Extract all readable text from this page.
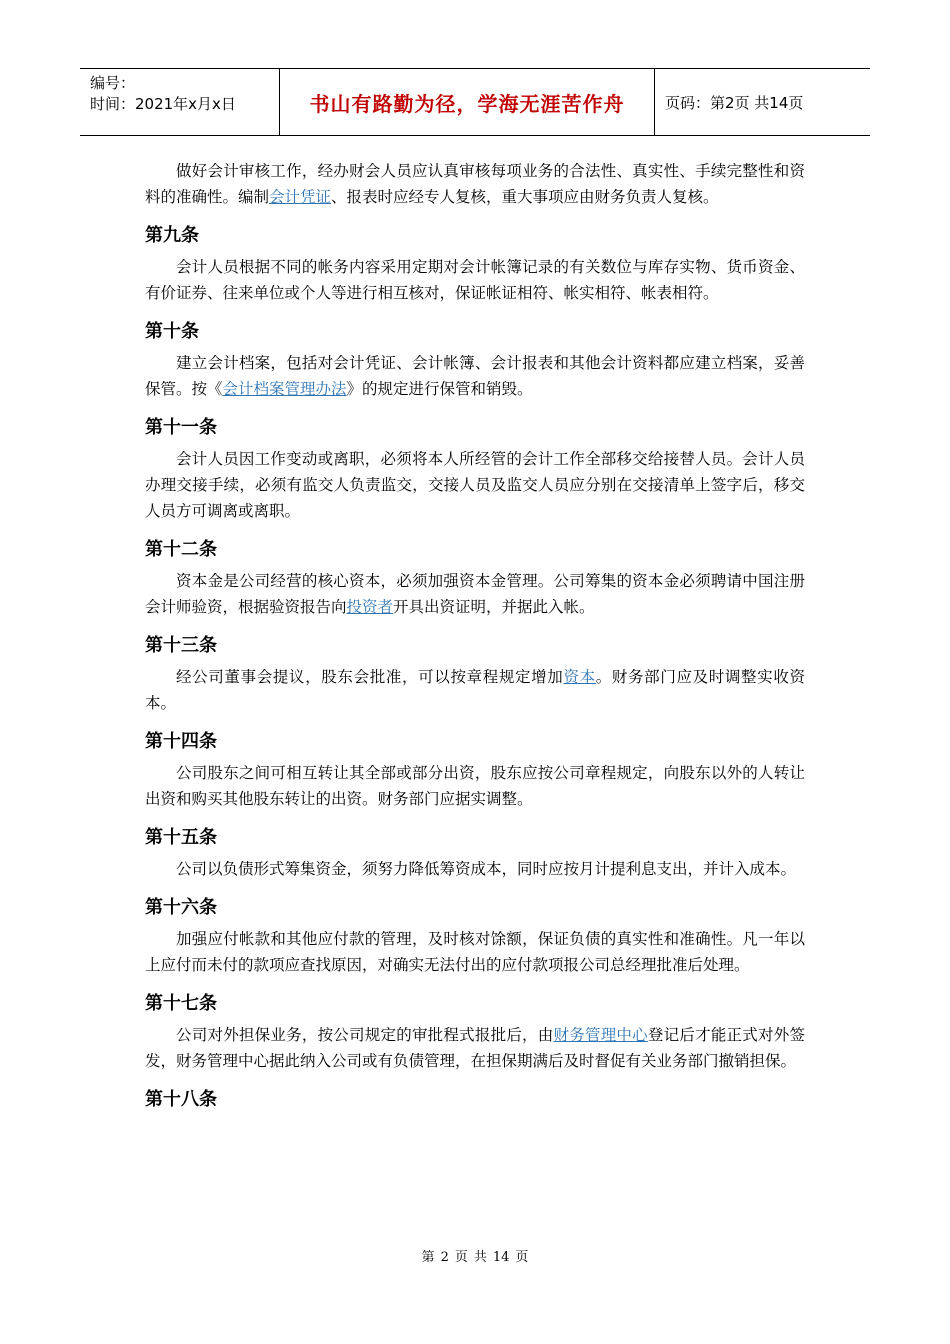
编号：
时间：2021年x月x日	书山有路勤为径，学海无涯苦作舟	页码：第2页 共14页

做好会计审核工作，经办财会人员应认真审核每项业务的合法性、真实性、手续完整性和资料的准确性。编制会计凭证、报表时应经专人复核，重大事项应由财务负责人复核。

第九条

会计人员根据不同的帐务内容采用定期对会计帐簿记录的有关数位与库存实物、货币资金、有价证券、往来单位或个人等进行相互核对，保证帐证相符、帐实相符、帐表相符。

第十条

建立会计档案，包括对会计凭证、会计帐簿、会计报表和其他会计资料都应建立档案，妥善保管。按《会计档案管理办法》的规定进行保管和销毁。

第十一条

会计人员因工作变动或离职，必须将本人所经管的会计工作全部移交给接替人员。会计人员办理交接手续，必须有监交人负责监交，交接人员及监交人员应分别在交接清单上签字后，移交人员方可调离或离职。

第十二条

资本金是公司经营的核心资本，必须加强资本金管理。公司筹集的资本金必须聘请中国注册会计师验资，根据验资报告向投资者开具出资证明，并据此入帐。

第十三条

经公司董事会提议，股东会批准，可以按章程规定增加资本。财务部门应及时调整实收资本。

第十四条

公司股东之间可相互转让其全部或部分出资，股东应按公司章程规定，向股东以外的人转让出资和购买其他股东转让的出资。财务部门应据实调整。

第十五条

公司以负债形式筹集资金，须努力降低筹资成本，同时应按月计提利息支出，并计入成本。

第十六条

加强应付帐款和其他应付款的管理，及时核对馀额，保证负债的真实性和准确性。凡一年以上应付而未付的款项应查找原因，对确实无法付出的应付款项报公司总经理批准后处理。

第十七条

公司对外担保业务，按公司规定的审批程式报批后，由财务管理中心登记后才能正式对外签发，财务管理中心据此纳入公司或有负债管理，在担保期满后及时督促有关业务部门撤销担保。

第十八条
第 2 页 共 14 页
